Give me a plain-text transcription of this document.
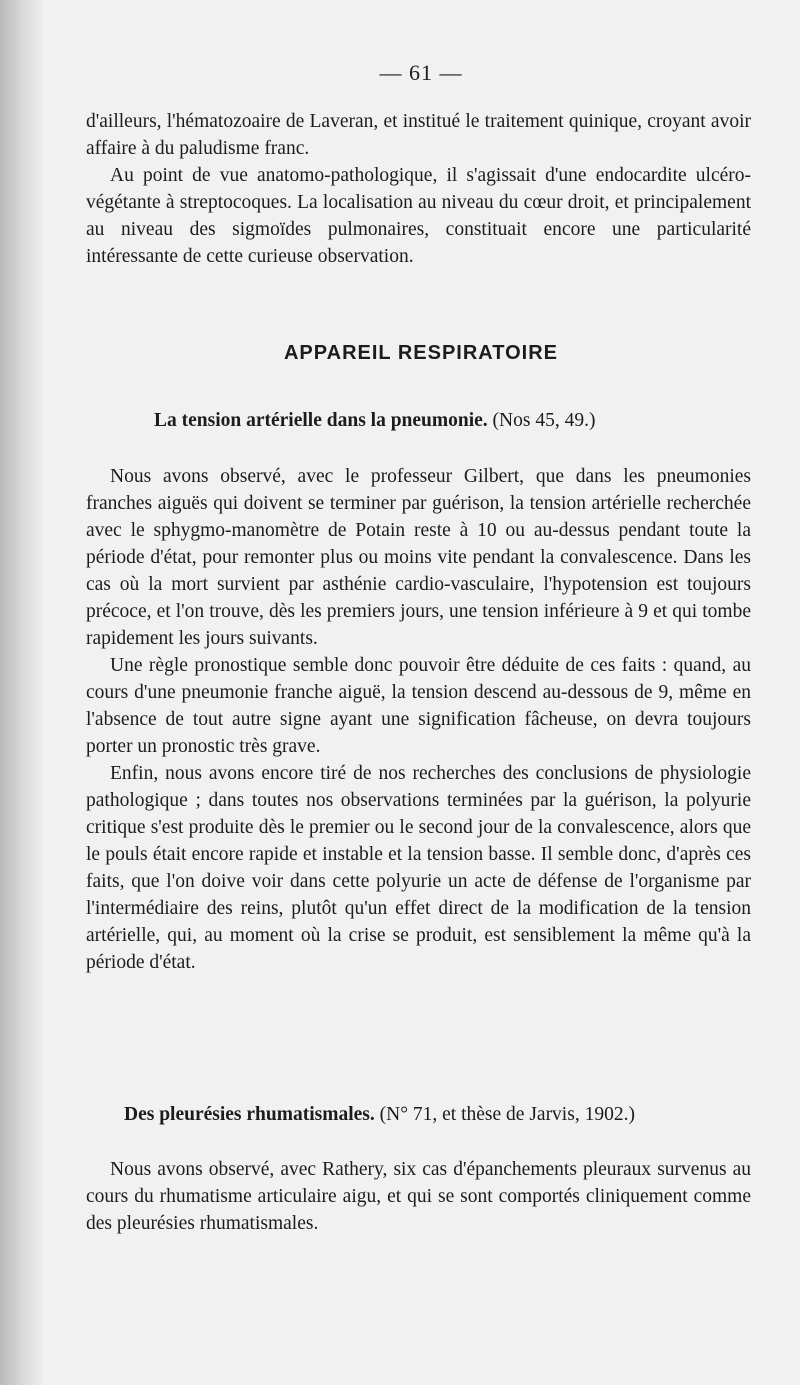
— 61 —

d'ailleurs, l'hématozoaire de Laveran, et institué le traitement quinique, croyant avoir affaire à du paludisme franc.

Au point de vue anatomo-pathologique, il s'agissait d'une endocardite ulcéro-végétante à streptocoques. La localisation au niveau du cœur droit, et principalement au niveau des sigmoïdes pulmonaires, constituait encore une particularité intéressante de cette curieuse observation.

APPAREIL RESPIRATOIRE
La tension artérielle dans la pneumonie. (Nos 45, 49.)

Nous avons observé, avec le professeur Gilbert, que dans les pneumonies franches aiguës qui doivent se terminer par guérison, la tension artérielle recherchée avec le sphygmo-manomètre de Potain reste à 10 ou au-dessus pendant toute la période d'état, pour remonter plus ou moins vite pendant la convalescence. Dans les cas où la mort survient par asthénie cardio-vasculaire, l'hypotension est toujours précoce, et l'on trouve, dès les premiers jours, une tension inférieure à 9 et qui tombe rapidement les jours suivants.

Une règle pronostique semble donc pouvoir être déduite de ces faits : quand, au cours d'une pneumonie franche aiguë, la tension descend au-dessous de 9, même en l'absence de tout autre signe ayant une signification fâcheuse, on devra toujours porter un pronostic très grave.

Enfin, nous avons encore tiré de nos recherches des conclusions de physiologie pathologique ; dans toutes nos observations terminées par la guérison, la polyurie critique s'est produite dès le premier ou le second jour de la convalescence, alors que le pouls était encore rapide et instable et la tension basse. Il semble donc, d'après ces faits, que l'on doive voir dans cette polyurie un acte de défense de l'organisme par l'intermédiaire des reins, plutôt qu'un effet direct de la modification de la tension artérielle, qui, au moment où la crise se produit, est sensiblement la même qu'à la période d'état.

Des pleurésies rhumatismales. (N° 71, et thèse de Jarvis, 1902.)

Nous avons observé, avec Rathery, six cas d'épanchements pleuraux survenus au cours du rhumatisme articulaire aigu, et qui se sont comportés cliniquement comme des pleurésies rhumatismales.
